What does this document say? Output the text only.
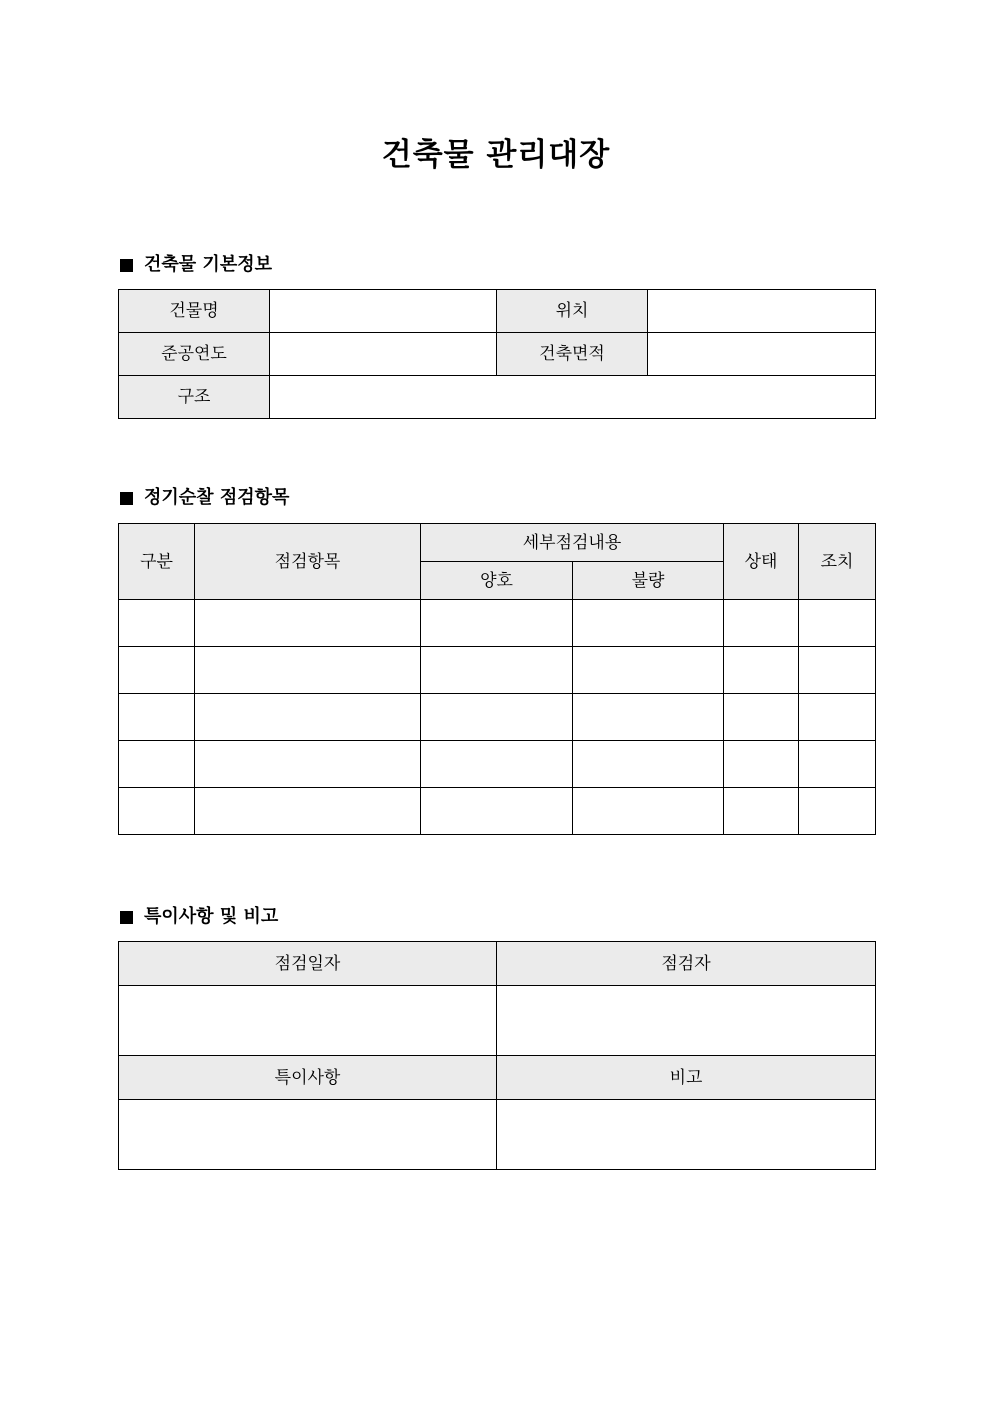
건축물 관리대장
건축물 기본정보
건물명		위치	
준공연도		건축면적	
구조			
정기순찰 점검항목
구분	점검항목	세부점검내용		상태	조치
		양호	불량		

특이사항 및 비고
점검일자	점검자

특이사항	비고
